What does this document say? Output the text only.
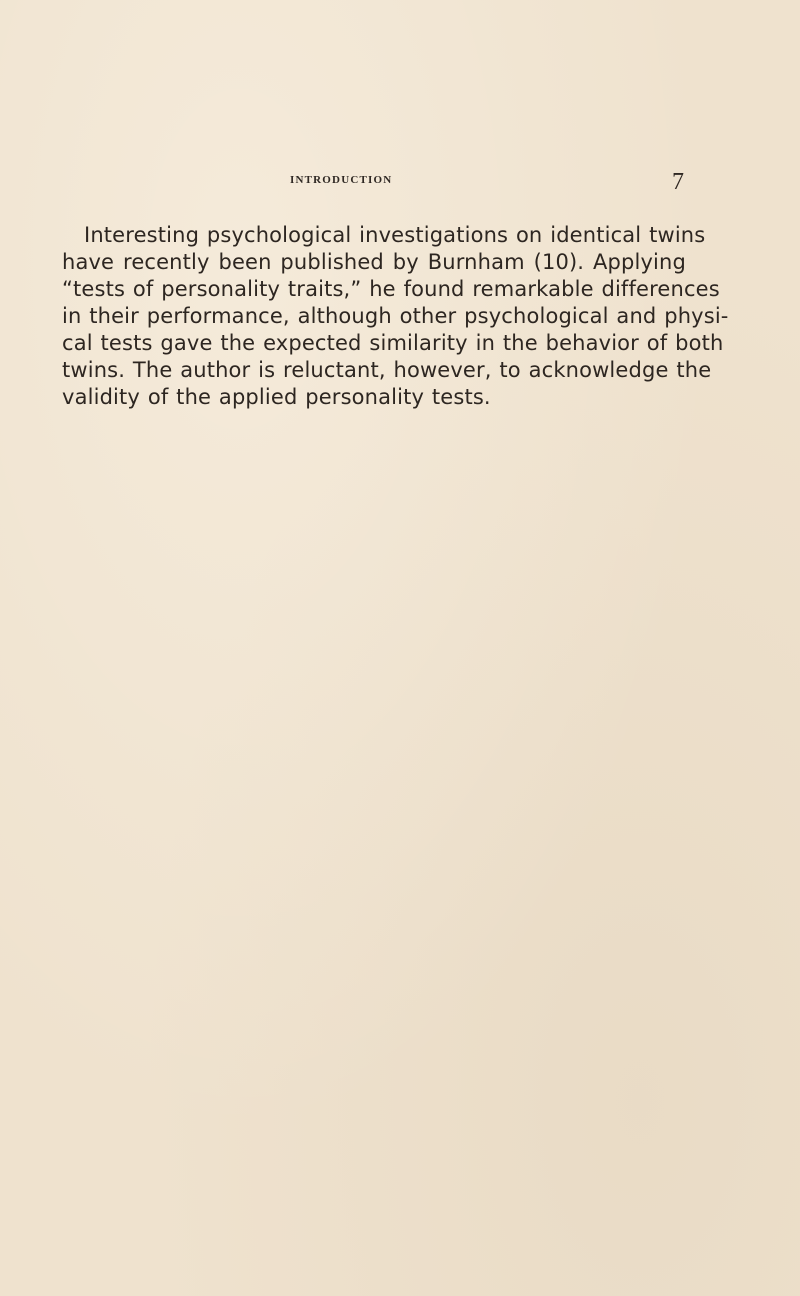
introduction	7
Interesting psychological investigations on identical twins
have recently been published by Burnham (10). Applying
“tests of personality traits,” he found remarkable differences
in their performance, although other psychological and physi-
cal tests gave the expected similarity in the behavior of both
twins. The author is reluctant, however, to acknowledge the
validity of the applied personality tests.
